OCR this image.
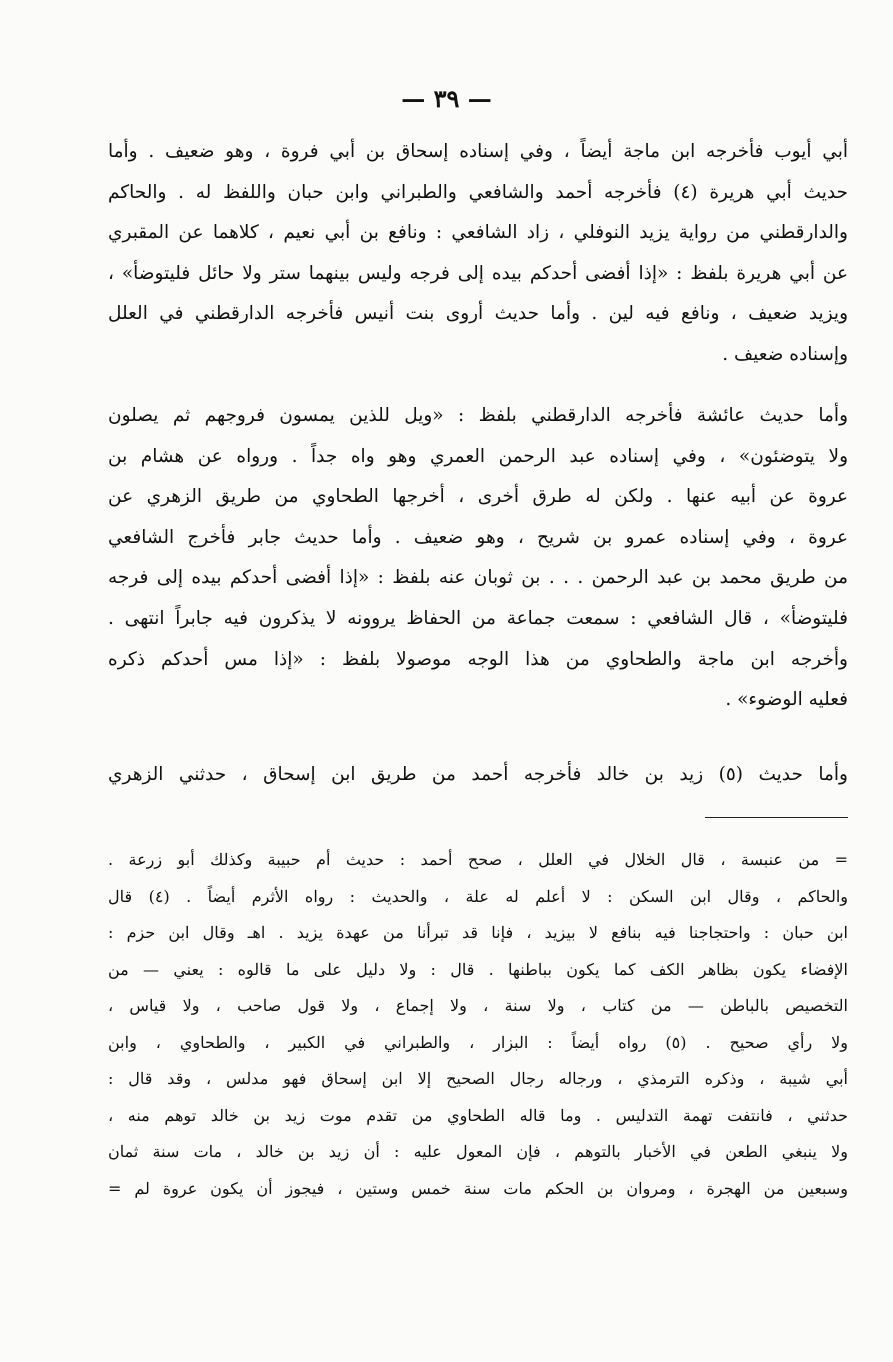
— ٣٩ —
أبي أيوب فأخرجه ابن ماجة أيضاً ، وفي إسناده إسحاق بن أبي فروة ، وهو ضعيف . وأما
حديث أبي هريرة (٤) فأخرجه أحمد والشافعي والطبراني وابن حبان واللفظ له . والحاكم
والدارقطني من رواية يزيد النوفلي ، زاد الشافعي : ونافع بن أبي نعيم ، كلاهما عن المقبري
عن أبي هريرة بلفظ : «إذا أفضى أحدكم بيده إلى فرجه وليس بينهما ستر ولا حائل فليتوضأ» ،
ويزيد ضعيف ، ونافع فيه لين . وأما حديث أروى بنت أنيس فأخرجه الدارقطني في العلل
وإسناده ضعيف .
وأما حديث عائشة فأخرجه الدارقطني بلفظ : «ويل للذين يمسون فروجهم ثم يصلون
ولا يتوضئون» ، وفي إسناده عبد الرحمن العمري وهو واه جداً . ورواه عن هشام بن
عروة عن أبيه عنها . ولكن له طرق أخرى ، أخرجها الطحاوي من طريق الزهري عن
عروة ، وفي إسناده عمرو بن شريح ، وهو ضعيف . وأما حديث جابر فأخرج الشافعي
من طريق محمد بن عبد الرحمن . . . بن ثوبان عنه بلفظ : «إذا أفضى أحدكم بيده إلى فرجه
فليتوضأ» ، قال الشافعي : سمعت جماعة من الحفاظ يروونه لا يذكرون فيه جابراً انتهى .
وأخرجه ابن ماجة والطحاوي من هذا الوجه موصولا بلفظ : «إذا مس أحدكم ذكره
فعليه الوضوء» .
وأما حديث (٥) زيد بن خالد فأخرجه أحمد من طريق ابن إسحاق ، حدثني الزهري
= من عنبسة ، قال الخلال في العلل ، صحح أحمد : حديث أم حبيبة وكذلك أبو زرعة .
والحاكم ، وقال ابن السكن : لا أعلم له علة ، والحديث : رواه الأثرم أيضاً . (٤) قال
ابن حبان : واحتجاجنا فيه بنافع لا بيزيد ، فإنا قد تبرأنا من عهدة يزيد . اهـ وقال ابن حزم :
الإفضاء يكون بظاهر الكف كما يكون بباطنها . قال : ولا دليل على ما قالوه : يعني — من
التخصيص بالباطن — من كتاب ، ولا سنة ، ولا إجماع ، ولا قول صاحب ، ولا قياس ،
ولا رأي صحيح . (٥) رواه أيضاً : البزار ، والطبراني في الكبير ، والطحاوي ، وابن
أبي شيبة ، وذكره الترمذي ، ورجاله رجال الصحيح إلا ابن إسحاق فهو مدلس ، وقد قال :
حدثني ، فانتفت تهمة التدليس . وما قاله الطحاوي من تقدم موت زيد بن خالد توهم منه ،
ولا ينبغي الطعن في الأخبار بالتوهم ، فإن المعول عليه : أن زيد بن خالد ، مات سنة ثمان
وسبعين من الهجرة ، ومروان بن الحكم مات سنة خمس وستين ، فيجوز أن يكون عروة لم =
